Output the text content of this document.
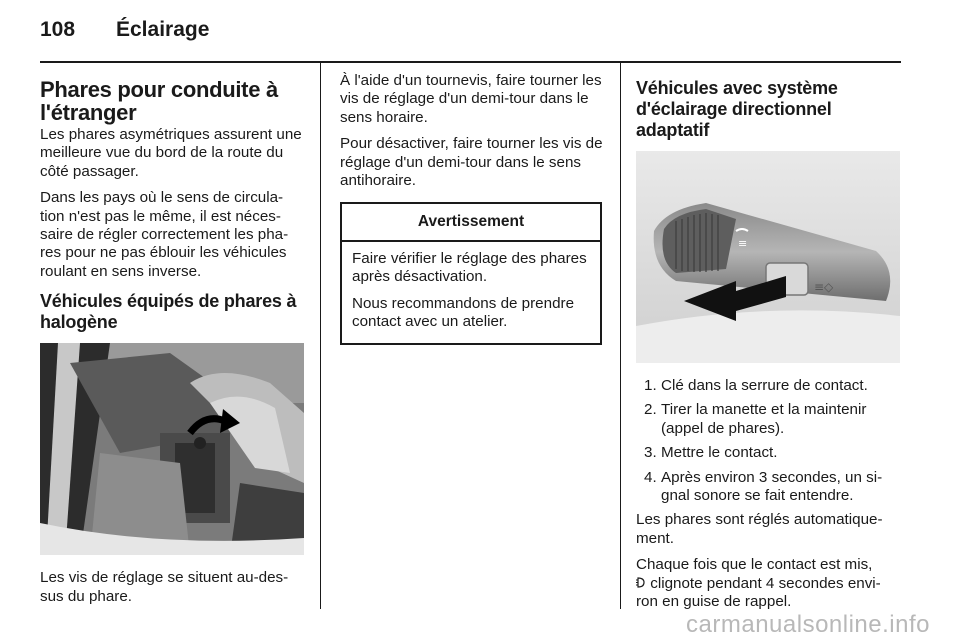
108 Éclairage
Phares pour conduite à l'étranger

Les phares asymétriques assurent une meilleure vue du bord de la route du côté passager.

Dans les pays où le sens de circula-tion n'est pas le même, il est néces-saire de régler correctement les pha-res pour ne pas éblouir les véhicules roulant en sens inverse.

Véhicules équipés de phares à halogène

Les vis de réglage se situent au-des-sus du phare.

À l'aide d'un tournevis, faire tourner les vis de réglage d'un demi-tour dans le sens horaire.

Pour désactiver, faire tourner les vis de réglage d'un demi-tour dans le sens antihoraire.

Avertissement

Faire vérifier le réglage des phares après désactivation.

Nous recommandons de prendre contact avec un atelier.

Véhicules avec système d'éclairage directionnel adaptatif
≡
≡◇
1. Clé dans la serrure de contact.
2. Tirer la manette et la maintenir (appel de phares).
3. Mettre le contact.
4. Après environ 3 secondes, un si-gnal sonore se fait entendre.

Les phares sont réglés automatique-ment.

Chaque fois que le contact est mis,
clignote pendant 4 secondes envi-ron en guise de rappel.

carmanualsonline.info
